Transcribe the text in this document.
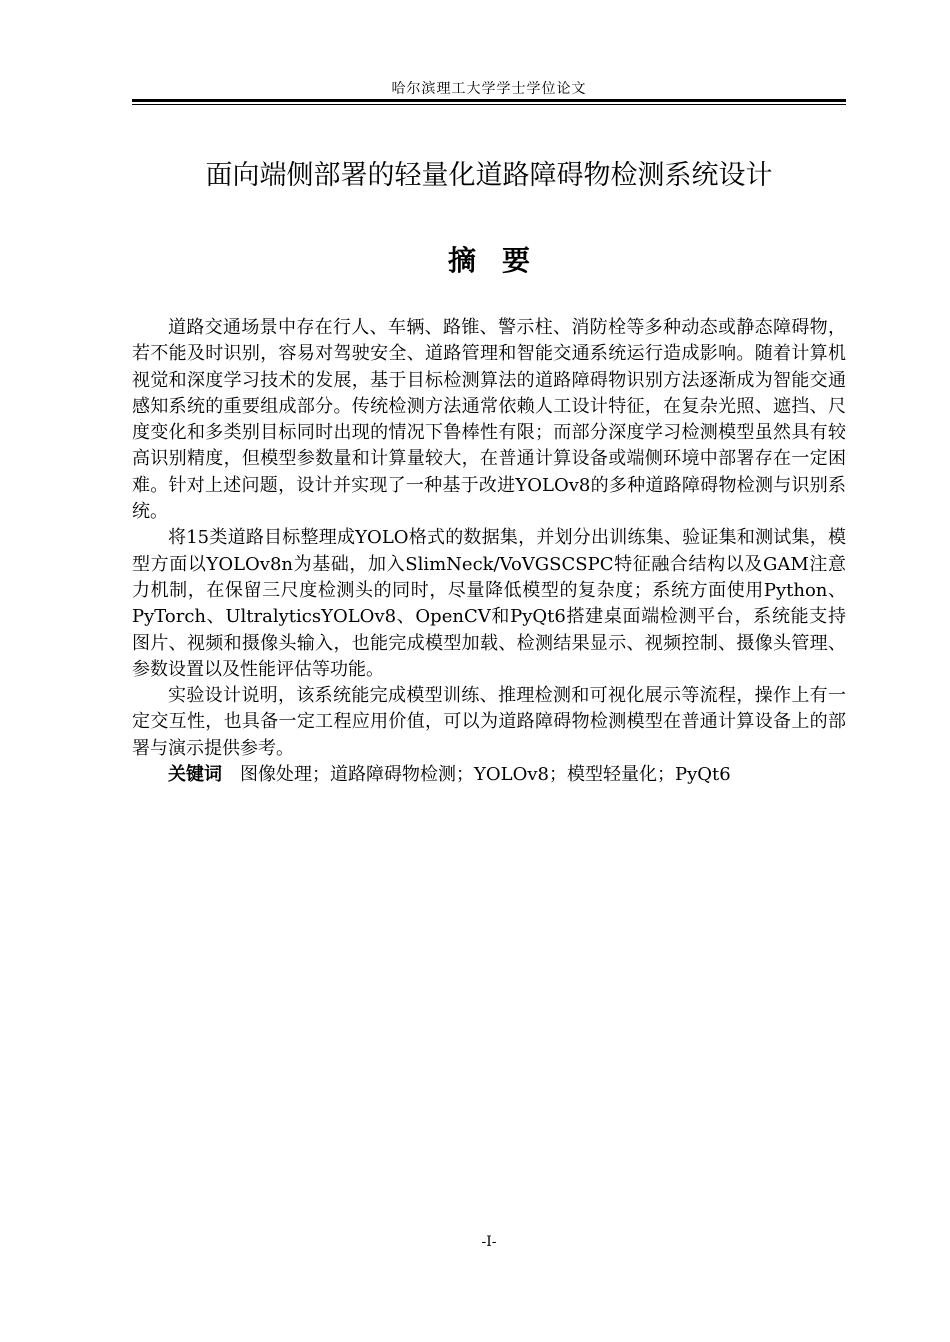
哈尔滨理工大学学士学位论文
面向端侧部署的轻量化道路障碍物检测系统设计
摘要

道路交通场景中存在行人、车辆、路锥、警示柱、消防栓等多种动态或静态障碍物，若不能及时识别，容易对驾驶安全、道路管理和智能交通系统运行造成影响。随着计算机视觉和深度学习技术的发展，基于目标检测算法的道路障碍物识别方法逐渐成为智能交通感知系统的重要组成部分。传统检测方法通常依赖人工设计特征，在复杂光照、遮挡、尺度变化和多类别目标同时出现的情况下鲁棒性有限；而部分深度学习检测模型虽然具有较高识别精度，但模型参数量和计算量较大，在普通计算设备或端侧环境中部署存在一定困难。针对上述问题，设计并实现了一种基于改进YOLOv8的多种道路障碍物检测与识别系统。

将15类道路目标整理成YOLO格式的数据集，并划分出训练集、验证集和测试集，模型方面以YOLOv8n为基础，加入SlimNeck/VoVGSCSPC特征融合结构以及GAM注意力机制，在保留三尺度检测头的同时，尽量降低模型的复杂度；系统方面使用Python、PyTorch、UltralyticsYOLOv8、OpenCV和PyQt6搭建桌面端检测平台，系统能支持图片、视频和摄像头输入，也能完成模型加载、检测结果显示、视频控制、摄像头管理、参数设置以及性能评估等功能。

实验设计说明，该系统能完成模型训练、推理检测和可视化展示等流程，操作上有一定交互性，也具备一定工程应用价值，可以为道路障碍物检测模型在普通计算设备上的部署与演示提供参考。

关键词 图像处理；道路障碍物检测；YOLOv8；模型轻量化；PyQt6

-I-
